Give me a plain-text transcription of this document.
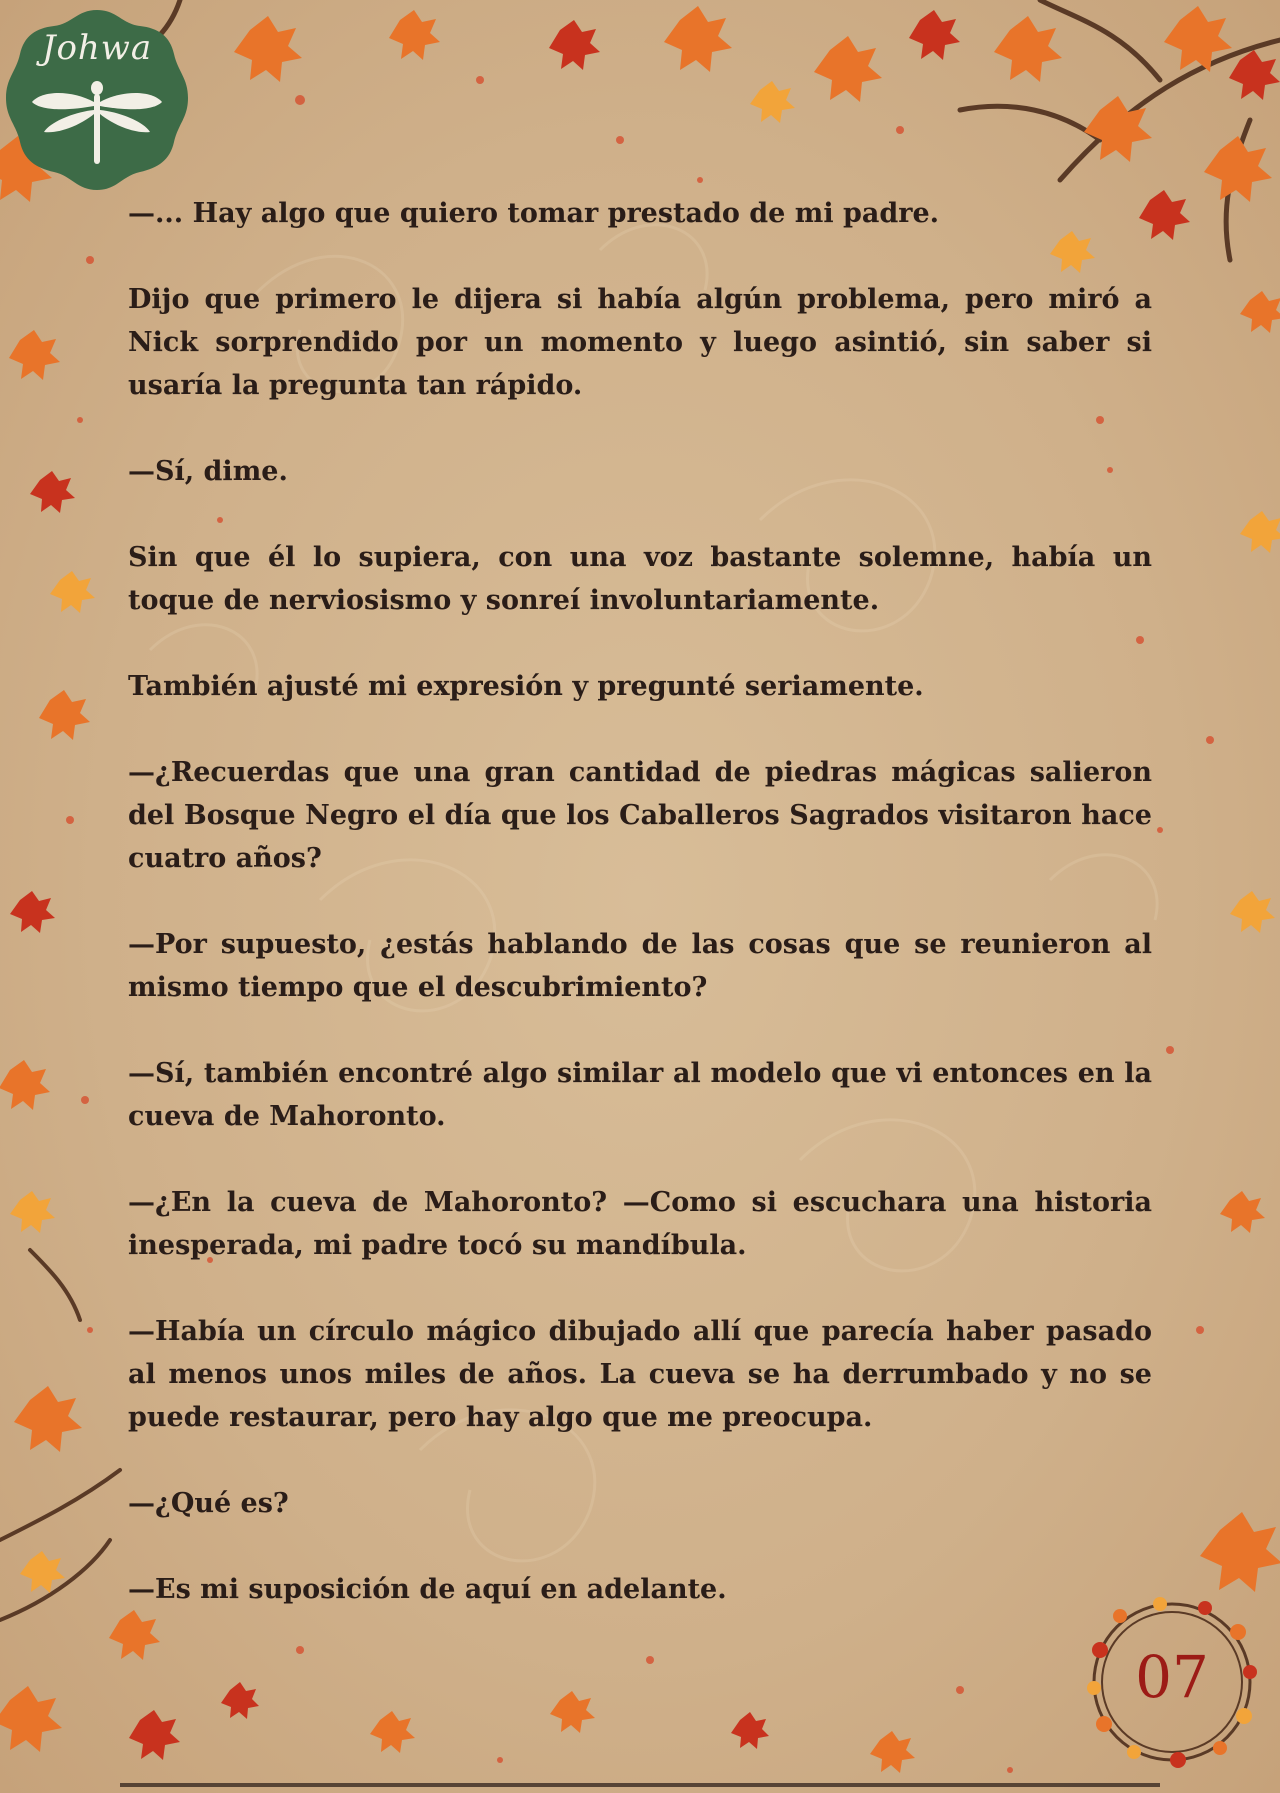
Johwa

—... Hay algo que quiero tomar prestado de mi padre.

Dijo que primero le dijera si había algún problema, pero miró a Nick sorprendido por un momento y luego asintió, sin saber si usaría la pregunta tan rápido.

—Sí, dime.

Sin que él lo supiera, con una voz bastante solemne, había un toque de nerviosismo y sonreí involuntariamente.

También ajusté mi expresión y pregunté seriamente.

—¿Recuerdas que una gran cantidad de piedras mágicas salieron del Bosque Negro el día que los Caballeros Sagrados visitaron hace cuatro años?

—Por supuesto, ¿estás hablando de las cosas que se reunieron al mismo tiempo que el descubrimiento?

—Sí, también encontré algo similar al modelo que vi entonces en la cueva de Mahoronto.

—¿En la cueva de Mahoronto? —Como si escuchara una historia inesperada, mi padre tocó su mandíbula.

—Había un círculo mágico dibujado allí que parecía haber pasado al menos unos miles de años. La cueva se ha derrumbado y no se puede restaurar, pero hay algo que me preocupa.

—¿Qué es?

—Es mi suposición de aquí en adelante.

07
